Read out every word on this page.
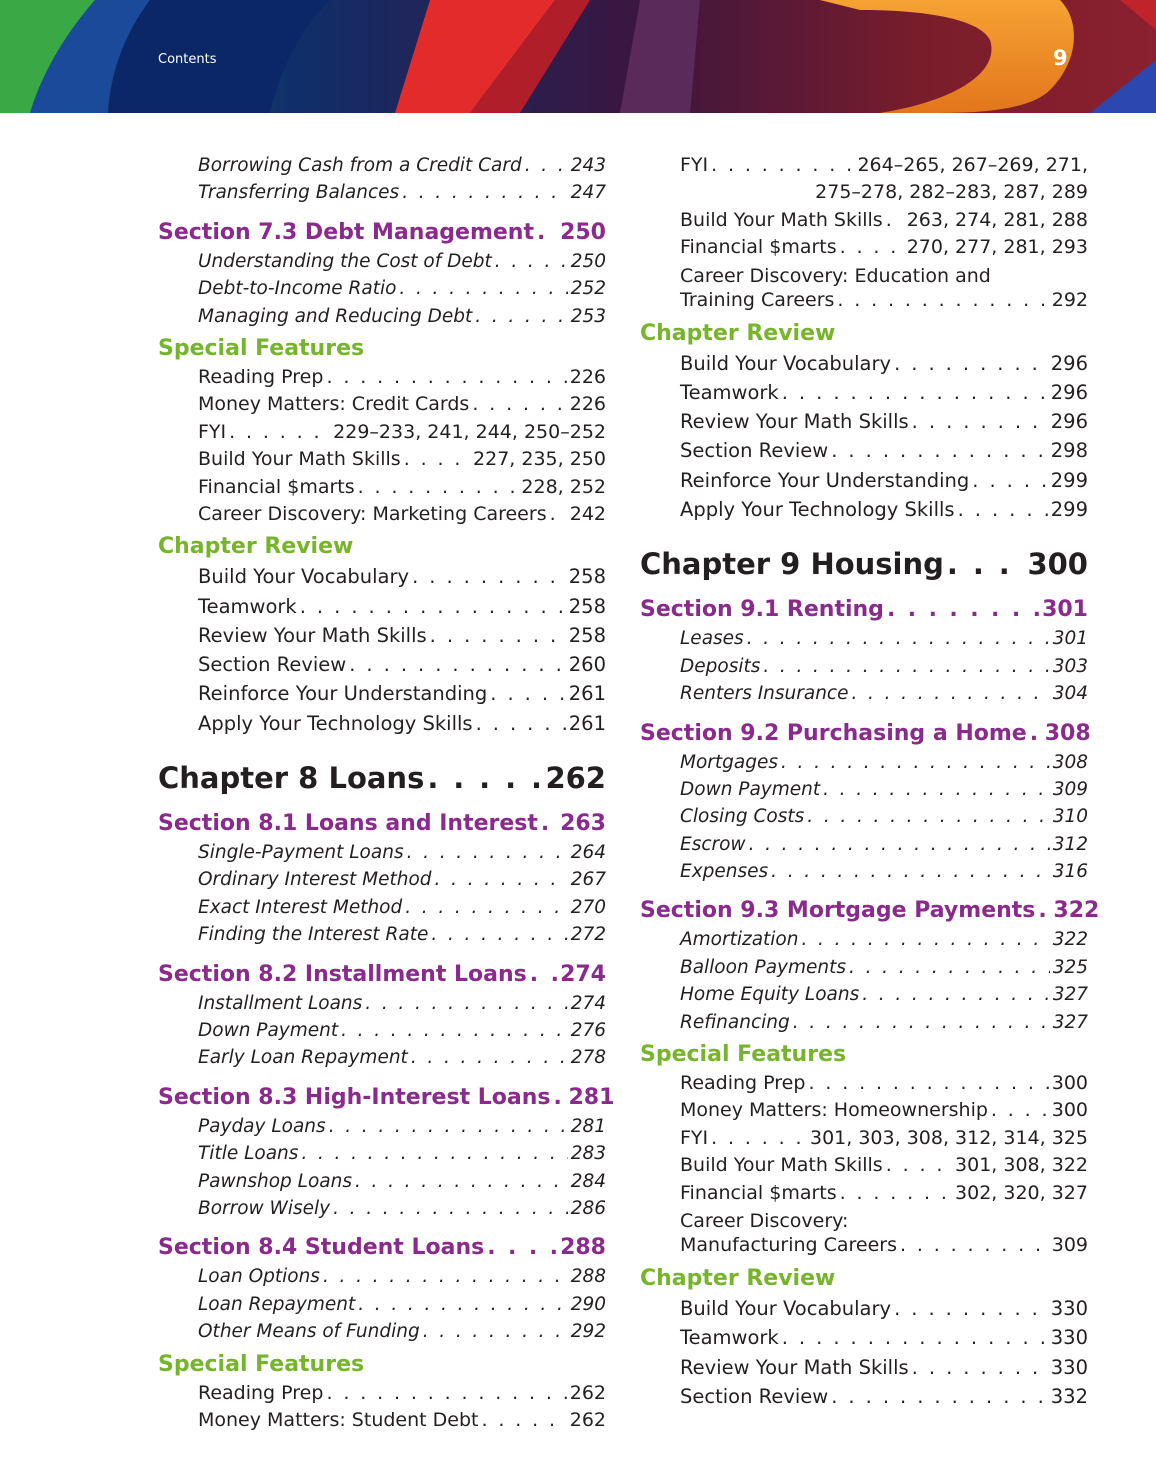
Contents	9
Borrowing Cash from a Credit Card . . .	243
Transferring Balances . . .	247
Section 7.3 Debt Management . . . 250
Understanding the Cost of Debt . . .	250
Debt-to-Income Ratio . . .	252
Managing and Reducing Debt . . .	253
Special Features
Reading Prep . . .	226
Money Matters: Credit Cards . . .	226
FYI . . .	229–233, 241, 244, 250–252
Build Your Math Skills . . .	227, 235, 250
Financial $marts . . .	228, 252
Career Discovery: Marketing Careers . . . 242
Chapter Review
Build Your Vocabulary . . .	258
Teamwork . . .	258
Review Your Math Skills . . .	258
Section Review . . .	260
Reinforce Your Understanding . . .	261
Apply Your Technology Skills . . .	261
Chapter 8 Loans . . .	262
Section 8.1 Loans and Interest . . . 263
Single-Payment Loans . . .	264
Ordinary Interest Method . . .	267
Exact Interest Method . . .	270
Finding the Interest Rate . . .	272
Section 8.2 Installment Loans . . . 274
Installment Loans . . .	274
Down Payment . . .	276
Early Loan Repayment . . .	278
Section 8.3 High-Interest Loans . . . 281
Payday Loans . . .	281
Title Loans . . .	283
Pawnshop Loans . . .	284
Borrow Wisely . . .	286
Section 8.4 Student Loans . . .	288
Loan Options . . .	288
Loan Repayment . . .	290
Other Means of Funding . . .	292
Special Features
Reading Prep . . .	262
Money Matters: Student Debt . . .	262
FYI . . .	264–265, 267–269, 271,
275–278, 282–283, 287, 289
Build Your Math Skills . . . 263, 274, 281, 288
Financial $marts . . .	270, 277, 281, 293
Career Discovery: Education and
Training Careers . . .	292
Chapter Review
Build Your Vocabulary . . .	296
Teamwork . . .	296
Review Your Math Skills . . .	296
Section Review . . .	298
Reinforce Your Understanding . . .	299
Apply Your Technology Skills . . .	299
Chapter 9 Housing . . .	300
Section 9.1 Renting . . .	301
Leases . . .	301
Deposits . . .	303
Renters Insurance . . .	304
Section 9.2 Purchasing a Home . . . 308
Mortgages . . .	308
Down Payment . . .	309
Closing Costs . . .	310
Escrow . . .	312
Expenses . . .	316
Section 9.3 Mortgage Payments . . . 322
Amortization . . .	322
Balloon Payments . . .	325
Home Equity Loans . . .	327
Refinancing . . .	327
Special Features
Reading Prep . . .	300
Money Matters: Homeownership . . .	300
FYI . . .	301, 303, 308, 312, 314, 325
Build Your Math Skills . . .	301, 308, 322
Financial $marts . . .	302, 320, 327
Career Discovery:
Manufacturing Careers . . .	309
Chapter Review
Build Your Vocabulary . . .	330
Teamwork . . .	330
Review Your Math Skills . . .	330
Section Review . . .	332
